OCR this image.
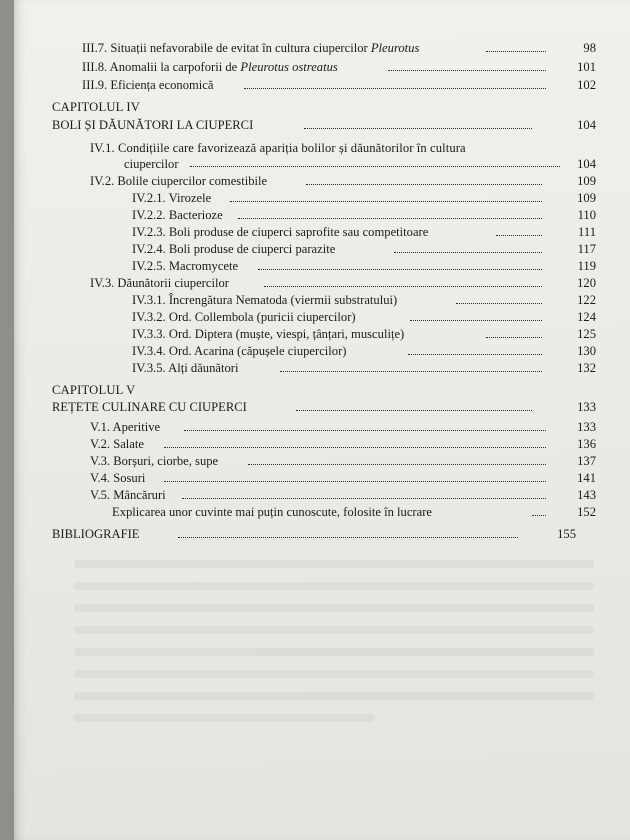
III.7. Situații nefavorabile de evitat în cultura ciupercilor Pleurotus	98
III.8. Anomalii la carpoforii de Pleurotus ostreatus	101
III.9. Eficiența economică	102
CAPITOLUL IV
BOLI ȘI DĂUNĂTORI LA CIUPERCI	104
IV.1. Condițiile care favorizează apariția bolilor și dăunătorilor în cultura
ciupercilor	104
IV.2. Bolile ciupercilor comestibile	109
IV.2.1. Virozele	109
IV.2.2. Bacterioze	110
IV.2.3. Boli produse de ciuperci saprofite sau competitoare	111
IV.2.4. Boli produse de ciuperci parazite	117
IV.2.5. Macromycete	119
IV.3. Dăunătorii ciupercilor	120
IV.3.1. Încrengătura Nematoda (viermii substratului)	122
IV.3.2. Ord. Collembola (puricii ciupercilor)	124
IV.3.3. Ord. Diptera (muște, viespi, țânțari, musculițe)	125
IV.3.4. Ord. Acarina (căpușele ciupercilor)	130
IV.3.5. Alți dăunători	132
CAPITOLUL V
REȚETE CULINARE CU CIUPERCI	133
V.1. Aperitive	133
V.2. Salate	136
V.3. Borșuri, ciorbe, supe	137
V.4. Sosuri	141
V.5. Mâncăruri	143
Explicarea unor cuvinte mai puțin cunoscute, folosite în lucrare	152
BIBLIOGRAFIE	155
